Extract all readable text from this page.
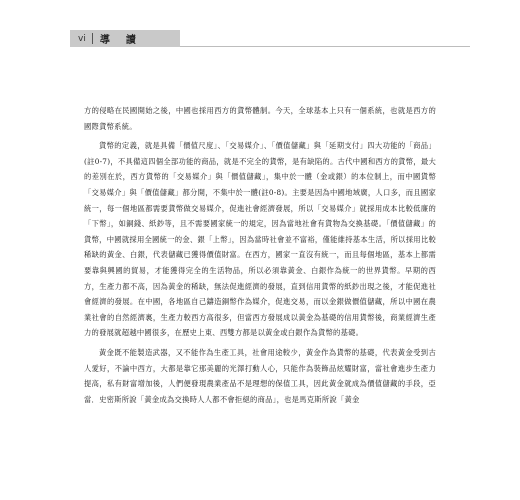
vi 導　讀

方的侵略在民國開始之後，中國也採用西方的貨幣體制。今天，全球基本上只有一個系統，也就是西方的國際貨幣系統。

貨幣的定義，就是具備「價值尺度」、「交易媒介」、「價值儲藏」與「延期支付」四大功能的「商品」(註0-7)，不具備這四個全部功能的商品，就是不完全的貨幣，是有缺陷的。古代中國和西方的貨幣，最大的差別在於，西方貨幣的「交易媒介」與「價值儲藏」，集中於一體（金或銀）的本位制上，而中國貨幣「交易媒介」與「價值儲藏」都分開，不集中於一體(註0-8)。主要是因為中國地域廣，人口多，而且國家統一，每一個地區都需要貨幣做交易媒介，促進社會經濟發展，所以「交易媒介」就採用成本比較低廉的「下幣」，如銅錢、紙鈔等，且不需要國家統一的規定，因為當地社會有貨物為交換基礎。「價值儲藏」的貨幣，中國就採用全國統一的金、銀「上幣」，因為當時社會並不富裕，僅能維持基本生活，所以採用比較稀缺的黃金、白銀，代表儲藏已獲得價值財富。在西方，國家一直沒有統一，而且每個地區，基本上都需要靠與興國的貿易，才能獲得完全的生活物品，所以必須靠黃金、白銀作為統一的世界貨幣。早期的西方，生產力都不高，因為黃金的稀缺，無法促進經濟的發展，直到信用貨幣的紙鈔出現之後，才能促進社會經濟的發展。在中國，各地區自己鑄造銅幣作為媒介，促進交易，而以金銀做價值儲藏，所以中國在農業社會的自然經濟裏，生產力較西方高很多，但當西方發展成以黃金為基礎的信用貨幣後，商業經濟生產力的發展就超越中國很多，在歷史上東、西雙方都是以黃金或白銀作為貨幣的基礎。

黃金既不能製造武器，又不能作為生產工具，社會用途較少，黃金作為貨幣的基礎，代表黃金受到古人愛好，不論中西方，大都是靠它那美麗的光澤打動人心，只能作為裝飾品炫耀財富，當社會進步生產力提高，私有財富增加後，人們便發現農業產品不是理想的保值工具，因此黃金就成為價值儲藏的手段，亞當．史密斯所說「黃金成為交換時人人都不會拒絕的商品」，也是馬克斯所說「黃金
